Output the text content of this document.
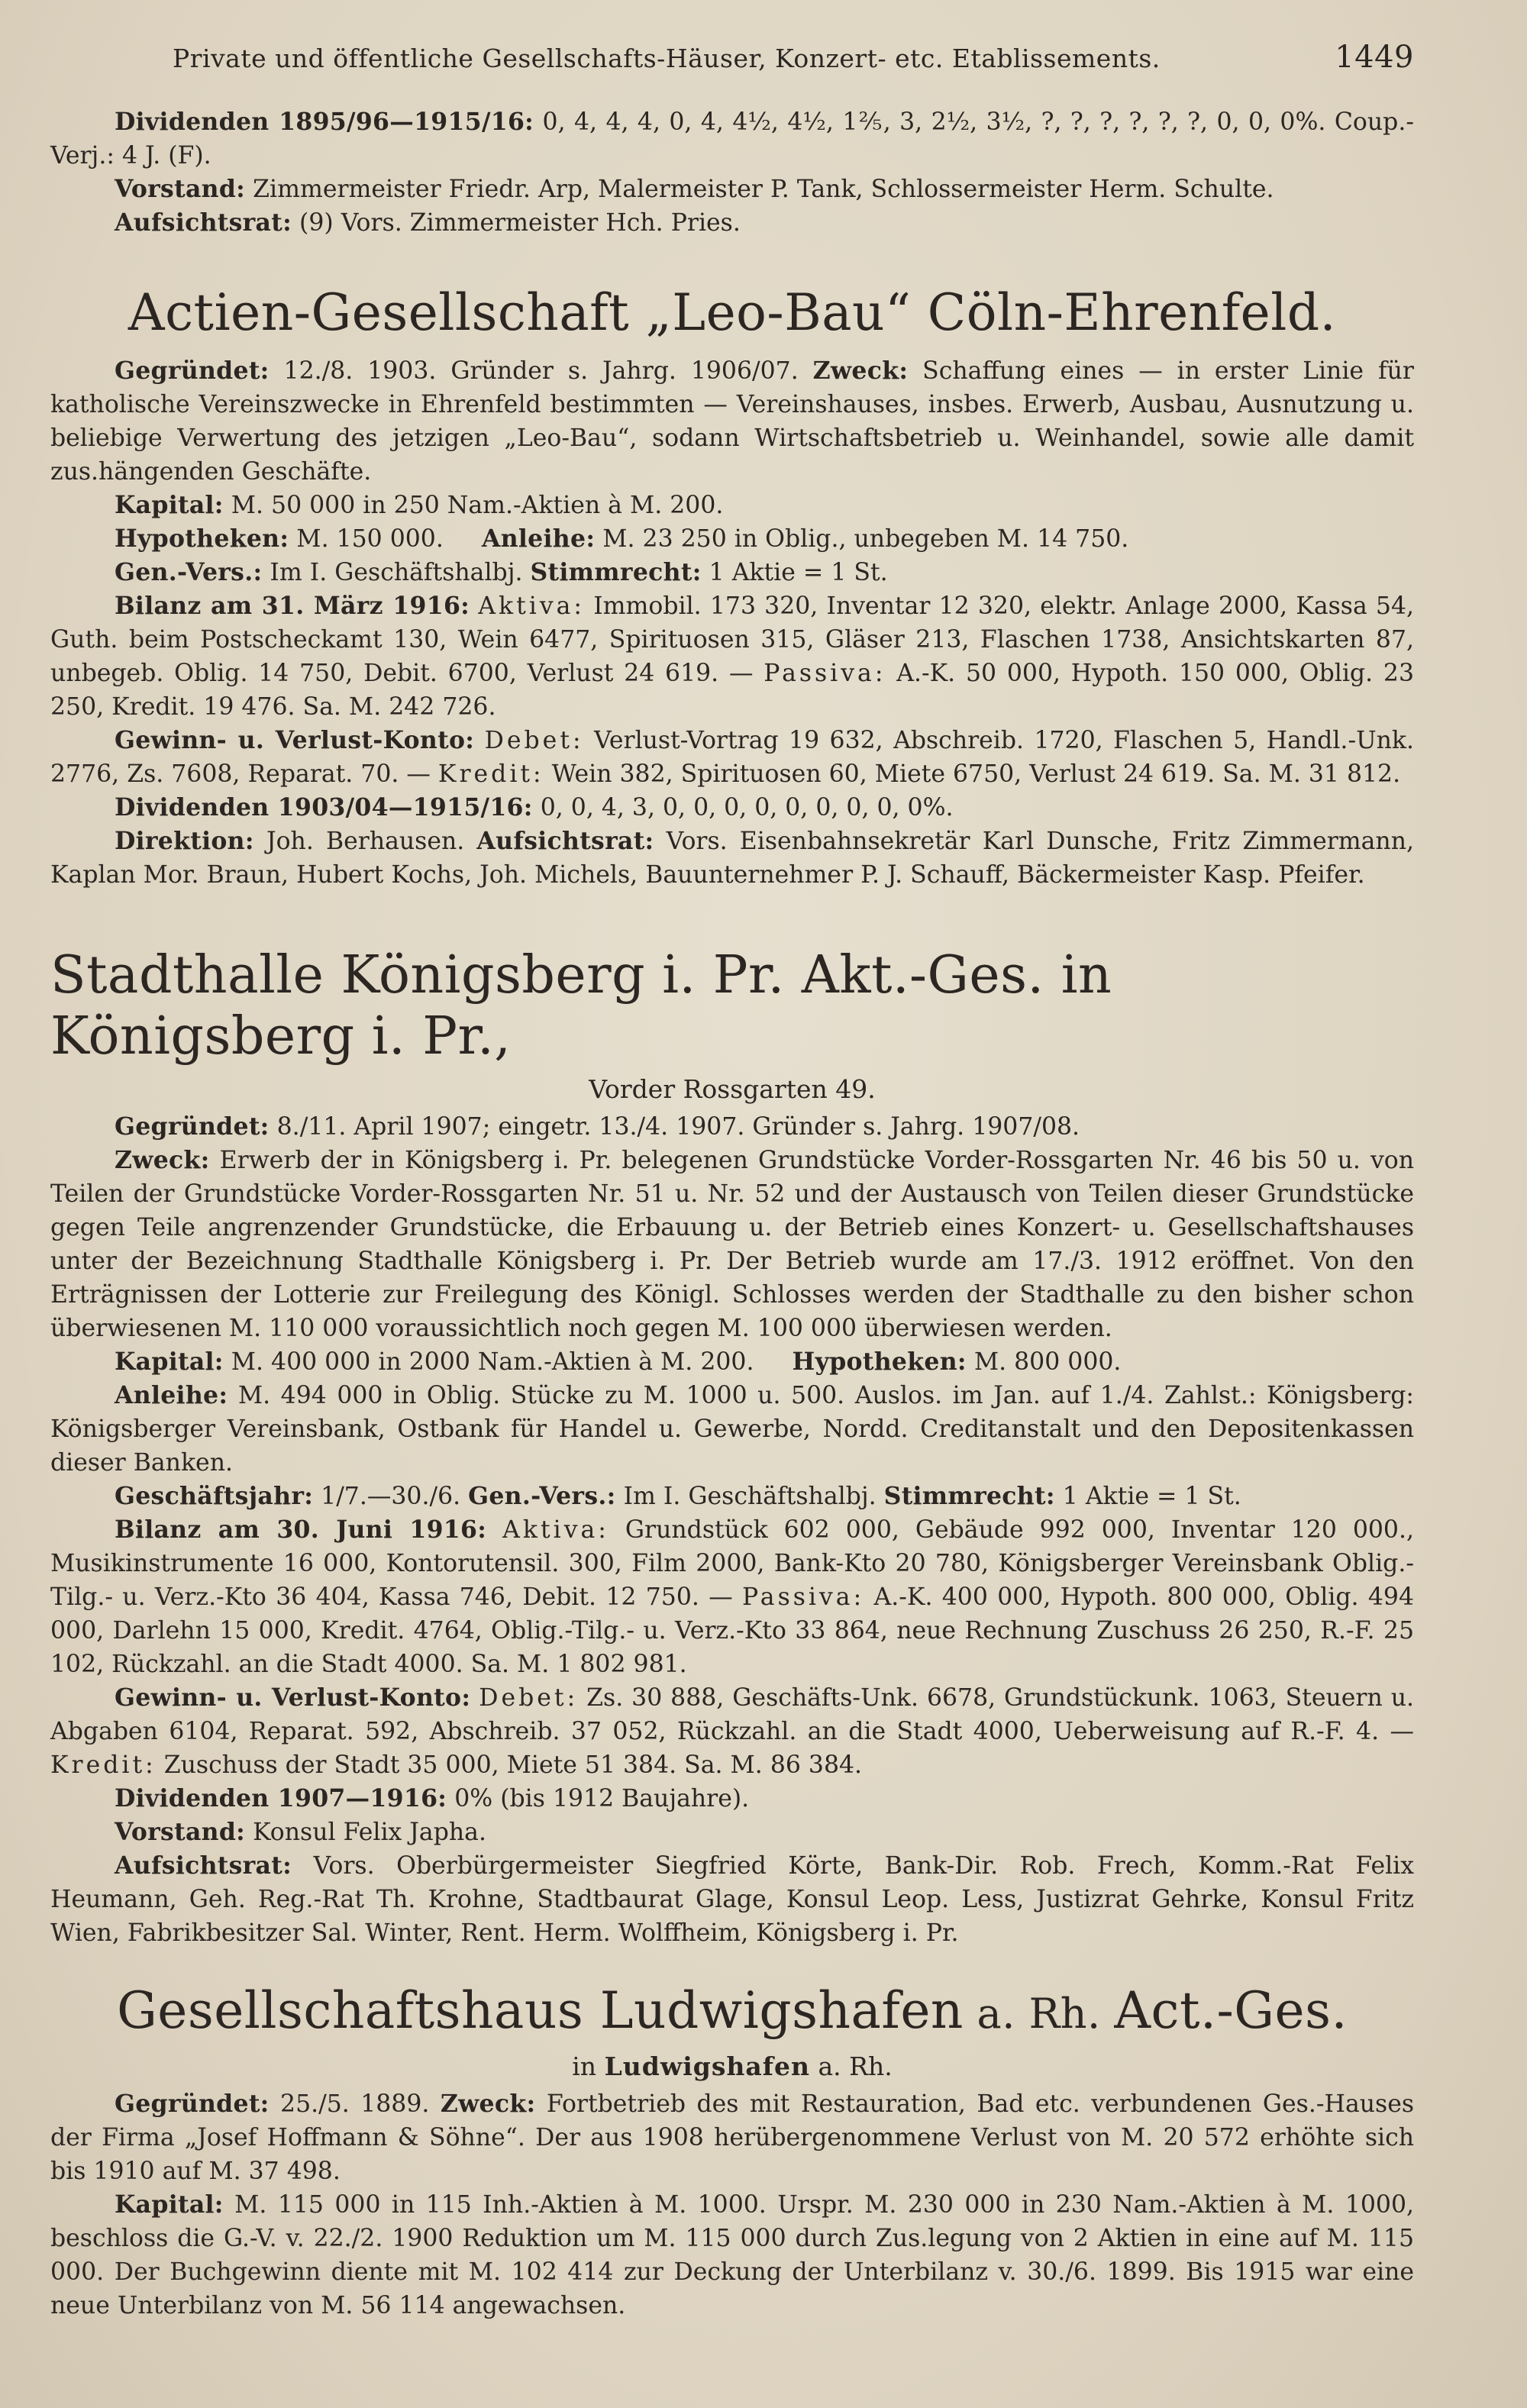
Private und öffentliche Gesellschafts-Häuser, Konzert- etc. Etablissements.	1449

Dividenden 1895/96—1915/16: 0, 4, 4, 4, 0, 4, 4½, 4½, 1⅖, 3, 2½, 3½, ?, ?, ?, ?, ?, ?, 0, 0, 0%. Coup.-Verj.: 4 J. (F).

Vorstand: Zimmermeister Friedr. Arp, Malermeister P. Tank, Schlossermeister Herm. Schulte.

Aufsichtsrat: (9) Vors. Zimmermeister Hch. Pries.

Actien-Gesellschaft „Leo-Bau“ Cöln-Ehrenfeld.

Gegründet: 12./8. 1903. Gründer s. Jahrg. 1906/07. Zweck: Schaffung eines — in erster Linie für katholische Vereinszwecke in Ehrenfeld bestimmten — Vereinshauses, insbes. Erwerb, Ausbau, Ausnutzung u. beliebige Verwertung des jetzigen „Leo-Bau“, sodann Wirtschaftsbetrieb u. Weinhandel, sowie alle damit zus.hängenden Geschäfte.

Kapital: M. 50 000 in 250 Nam.-Aktien à M. 200.

Hypotheken: M. 150 000.     Anleihe: M. 23 250 in Oblig., unbegeben M. 14 750.

Gen.-Vers.: Im I. Geschäftshalbj. Stimmrecht: 1 Aktie = 1 St.

Bilanz am 31. März 1916: Aktiva: Immobil. 173 320, Inventar 12 320, elektr. Anlage 2000, Kassa 54, Guth. beim Postscheckamt 130, Wein 6477, Spirituosen 315, Gläser 213, Flaschen 1738, Ansichtskarten 87, unbegeb. Oblig. 14 750, Debit. 6700, Verlust 24 619. — Passiva: A.-K. 50 000, Hypoth. 150 000, Oblig. 23 250, Kredit. 19 476. Sa. M. 242 726.

Gewinn- u. Verlust-Konto: Debet: Verlust-Vortrag 19 632, Abschreib. 1720, Flaschen 5, Handl.-Unk. 2776, Zs. 7608, Reparat. 70. — Kredit: Wein 382, Spirituosen 60, Miete 6750, Verlust 24 619. Sa. M. 31 812.

Dividenden 1903/04—1915/16: 0, 0, 4, 3, 0, 0, 0, 0, 0, 0, 0, 0, 0%.

Direktion: Joh. Berhausen. Aufsichtsrat: Vors. Eisenbahnsekretär Karl Dunsche, Fritz Zimmermann, Kaplan Mor. Braun, Hubert Kochs, Joh. Michels, Bauunternehmer P. J. Schauff, Bäckermeister Kasp. Pfeifer.

Stadthalle Königsberg i. Pr. Akt.-Ges. in Königsberg i. Pr.,
Vorder Rossgarten 49.

Gegründet: 8./11. April 1907; eingetr. 13./4. 1907. Gründer s. Jahrg. 1907/08.

Zweck: Erwerb der in Königsberg i. Pr. belegenen Grundstücke Vorder-Rossgarten Nr. 46 bis 50 u. von Teilen der Grundstücke Vorder-Rossgarten Nr. 51 u. Nr. 52 und der Austausch von Teilen dieser Grundstücke gegen Teile angrenzender Grundstücke, die Erbauung u. der Betrieb eines Konzert- u. Gesellschaftshauses unter der Bezeichnung Stadthalle Königsberg i. Pr. Der Betrieb wurde am 17./3. 1912 eröffnet. Von den Erträgnissen der Lotterie zur Freilegung des Königl. Schlosses werden der Stadthalle zu den bisher schon überwiesenen M. 110 000 voraussichtlich noch gegen M. 100 000 überwiesen werden.

Kapital: M. 400 000 in 2000 Nam.-Aktien à M. 200.     Hypotheken: M. 800 000.

Anleihe: M. 494 000 in Oblig. Stücke zu M. 1000 u. 500. Auslos. im Jan. auf 1./4. Zahlst.: Königsberg: Königsberger Vereinsbank, Ostbank für Handel u. Gewerbe, Nordd. Creditanstalt und den Depositenkassen dieser Banken.

Geschäftsjahr: 1/7.—30./6. Gen.-Vers.: Im I. Geschäftshalbj. Stimmrecht: 1 Aktie = 1 St.

Bilanz am 30. Juni 1916: Aktiva: Grundstück 602 000, Gebäude 992 000, Inventar 120 000., Musikinstrumente 16 000, Kontorutensil. 300, Film 2000, Bank-Kto 20 780, Königsberger Vereinsbank Oblig.-Tilg.- u. Verz.-Kto 36 404, Kassa 746, Debit. 12 750. — Passiva: A.-K. 400 000, Hypoth. 800 000, Oblig. 494 000, Darlehn 15 000, Kredit. 4764, Oblig.-Tilg.- u. Verz.-Kto 33 864, neue Rechnung Zuschuss 26 250, R.-F. 25 102, Rückzahl. an die Stadt 4000. Sa. M. 1 802 981.

Gewinn- u. Verlust-Konto: Debet: Zs. 30 888, Geschäfts-Unk. 6678, Grundstückunk. 1063, Steuern u. Abgaben 6104, Reparat. 592, Abschreib. 37 052, Rückzahl. an die Stadt 4000, Ueberweisung auf R.-F. 4. — Kredit: Zuschuss der Stadt 35 000, Miete 51 384. Sa. M. 86 384.

Dividenden 1907—1916: 0% (bis 1912 Baujahre).

Vorstand: Konsul Felix Japha.

Aufsichtsrat: Vors. Oberbürgermeister Siegfried Körte, Bank-Dir. Rob. Frech, Komm.-Rat Felix Heumann, Geh. Reg.-Rat Th. Krohne, Stadtbaurat Glage, Konsul Leop. Less, Justizrat Gehrke, Konsul Fritz Wien, Fabrikbesitzer Sal. Winter, Rent. Herm. Wolffheim, Königsberg i. Pr.

Gesellschaftshaus Ludwigshafen a. Rh. Act.-Ges.
in Ludwigshafen a. Rh.

Gegründet: 25./5. 1889. Zweck: Fortbetrieb des mit Restauration, Bad etc. verbundenen Ges.-Hauses der Firma „Josef Hoffmann & Söhne“. Der aus 1908 herübergenommene Verlust von M. 20 572 erhöhte sich bis 1910 auf M. 37 498.

Kapital: M. 115 000 in 115 Inh.-Aktien à M. 1000. Urspr. M. 230 000 in 230 Nam.-Aktien à M. 1000, beschloss die G.-V. v. 22./2. 1900 Reduktion um M. 115 000 durch Zus.legung von 2 Aktien in eine auf M. 115 000. Der Buchgewinn diente mit M. 102 414 zur Deckung der Unterbilanz v. 30./6. 1899. Bis 1915 war eine neue Unterbilanz von M. 56 114 angewachsen.
